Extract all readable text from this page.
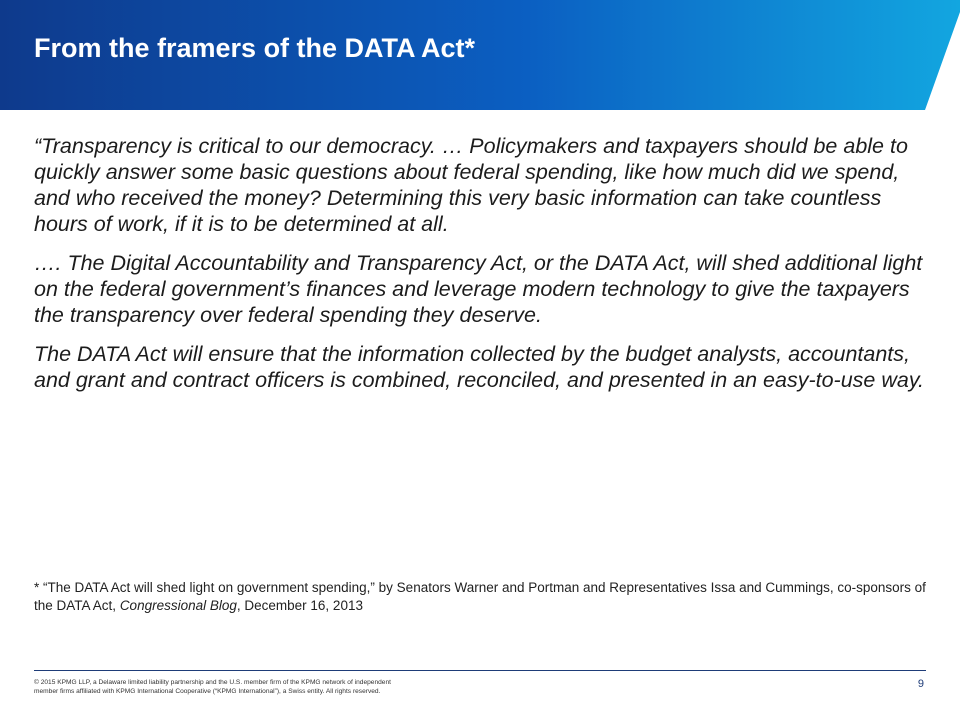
From the framers of the DATA Act*

“Transparency is critical to our democracy. … Policymakers and taxpayers should be able to quickly answer some basic questions about federal spending, like how much did we spend, and who received the money? Determining this very basic information can take countless hours of work, if it is to be determined at all.

…. The Digital Accountability and Transparency Act, or the DATA Act, will shed additional light on the federal government’s finances and leverage modern technology to give the taxpayers the transparency over federal spending they deserve.

The DATA Act will ensure that the information collected by the budget analysts, accountants, and grant and contract officers is combined, reconciled, and presented in an easy-to-use way.

* “The DATA Act will shed light on government spending,” by Senators Warner and Portman and Representatives Issa and Cummings, co-sponsors of the DATA Act, Congressional Blog, December 16, 2013

© 2015 KPMG LLP, a Delaware limited liability partnership and the U.S. member firm of the KPMG network of independent
member firms affiliated with KPMG International Cooperative (“KPMG International”), a Swiss entity. All rights reserved.

9
